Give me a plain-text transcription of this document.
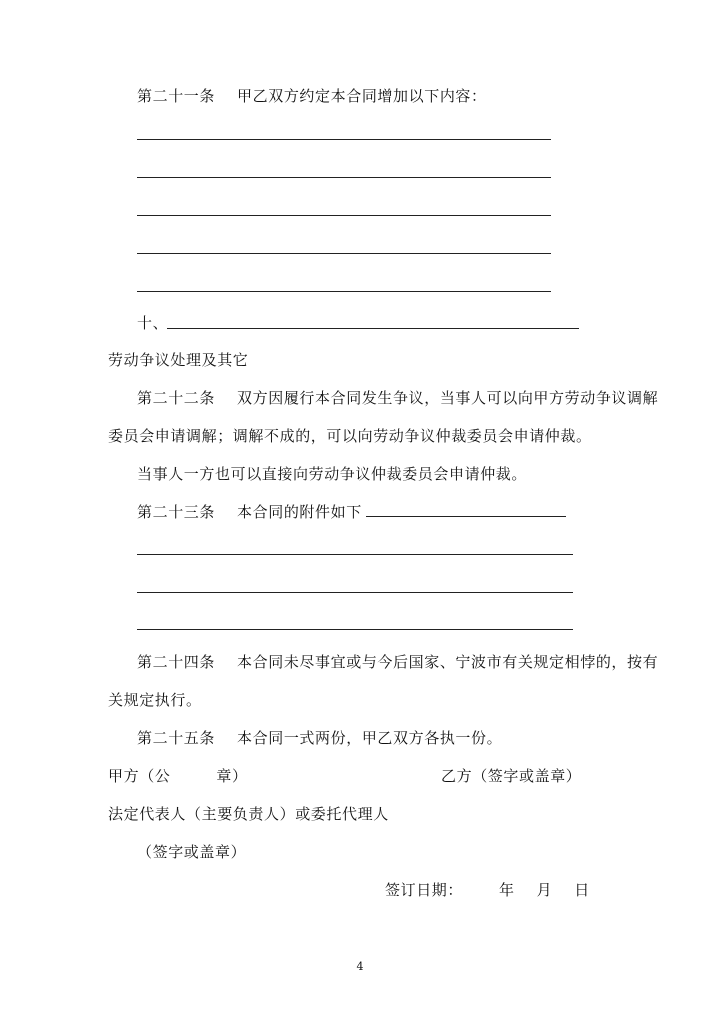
第二十一条 甲乙双方约定本合同增加以下内容：
十、
劳动争议处理及其它
第二十二条 双方因履行本合同发生争议，当事人可以向甲方劳动争议调解
委员会申请调解；调解不成的，可以向劳动争议仲裁委员会申请仲裁。
当事人一方也可以直接向劳动争议仲裁委员会申请仲裁。
第二十三条 本合同的附件如下
第二十四条 本合同未尽事宜或与今后国家、宁波市有关规定相悖的，按有
关规定执行。
第二十五条 本合同一式两份，甲乙双方各执一份。
甲方（公	章）	乙方（签字或盖章）
法定代表人（主要负责人）或委托代理人
（签字或盖章）
签订日期： 年 月 日
4
